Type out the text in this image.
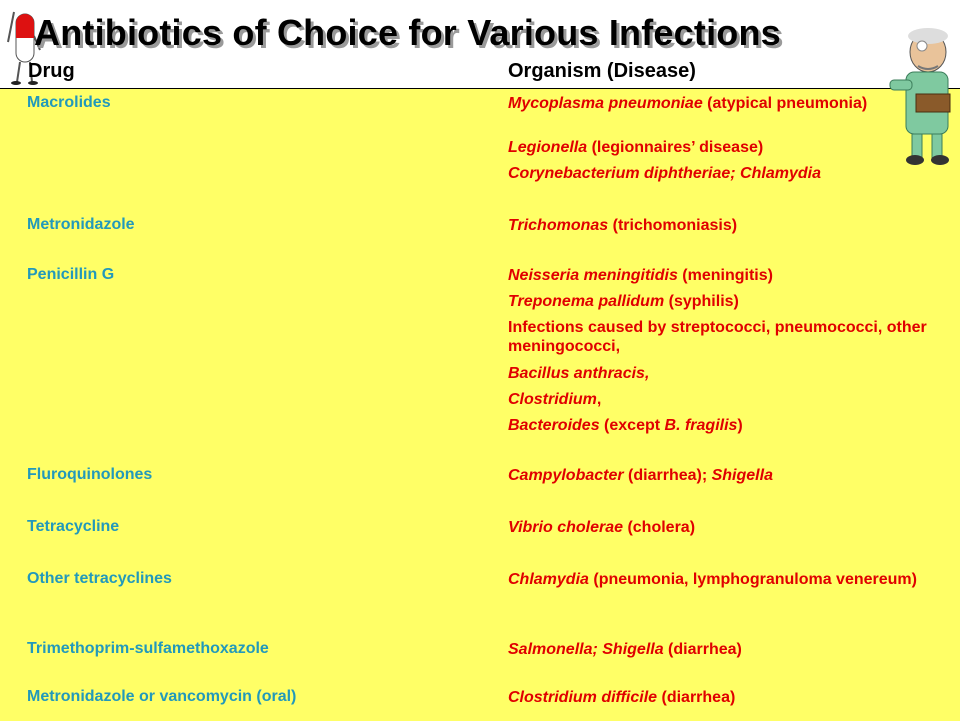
Antibiotics of Choice for Various Infections
Drug	Organism (Disease)
Macrolides	Mycoplasma pneumoniae (atypical pneumonia)
Legionella (legionnaires’ disease)
Corynebacterium diphtheriae; Chlamydia
Metronidazole	Trichomonas (trichomoniasis)
Penicillin G	Neisseria meningitidis (meningitis)
Treponema pallidum (syphilis)
Infections caused by streptococci, pneumococci, other meningococci,
Bacillus anthracis,
Clostridium,
Bacteroides (except B. fragilis)
Fluroquinolones	Campylobacter (diarrhea); Shigella
Tetracycline	Vibrio cholerae (cholera)
Other tetracyclines	Chlamydia (pneumonia, lymphogranuloma venereum)
Trimethoprim-sulfamethoxazole	Salmonella; Shigella (diarrhea)
Metronidazole or vancomycin (oral)	Clostridium difficile (diarrhea)
